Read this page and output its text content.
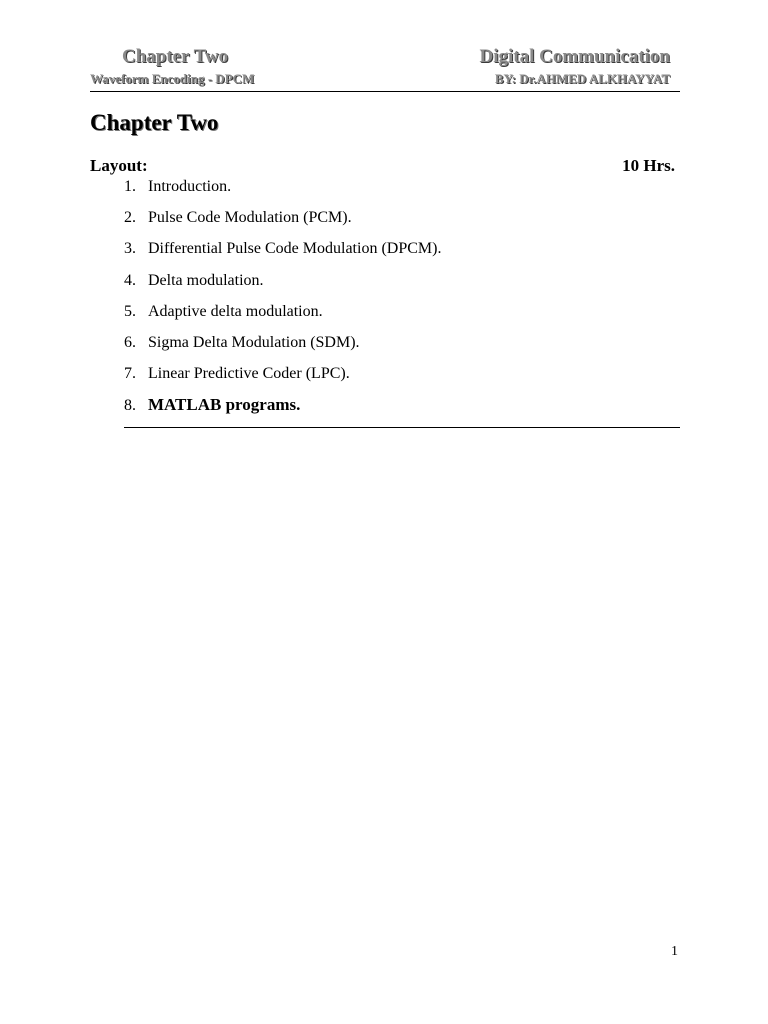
Chapter Two	Digital Communication
Waveform Encoding - DPCM	BY: Dr.AHMED ALKHAYYAT
Chapter Two
Layout:	10 Hrs.
1. Introduction.
2. Pulse Code Modulation (PCM).
3. Differential Pulse Code Modulation (DPCM).
4. Delta modulation.
5. Adaptive delta modulation.
6. Sigma Delta Modulation (SDM).
7. Linear Predictive Coder (LPC).
8. MATLAB programs.
1
